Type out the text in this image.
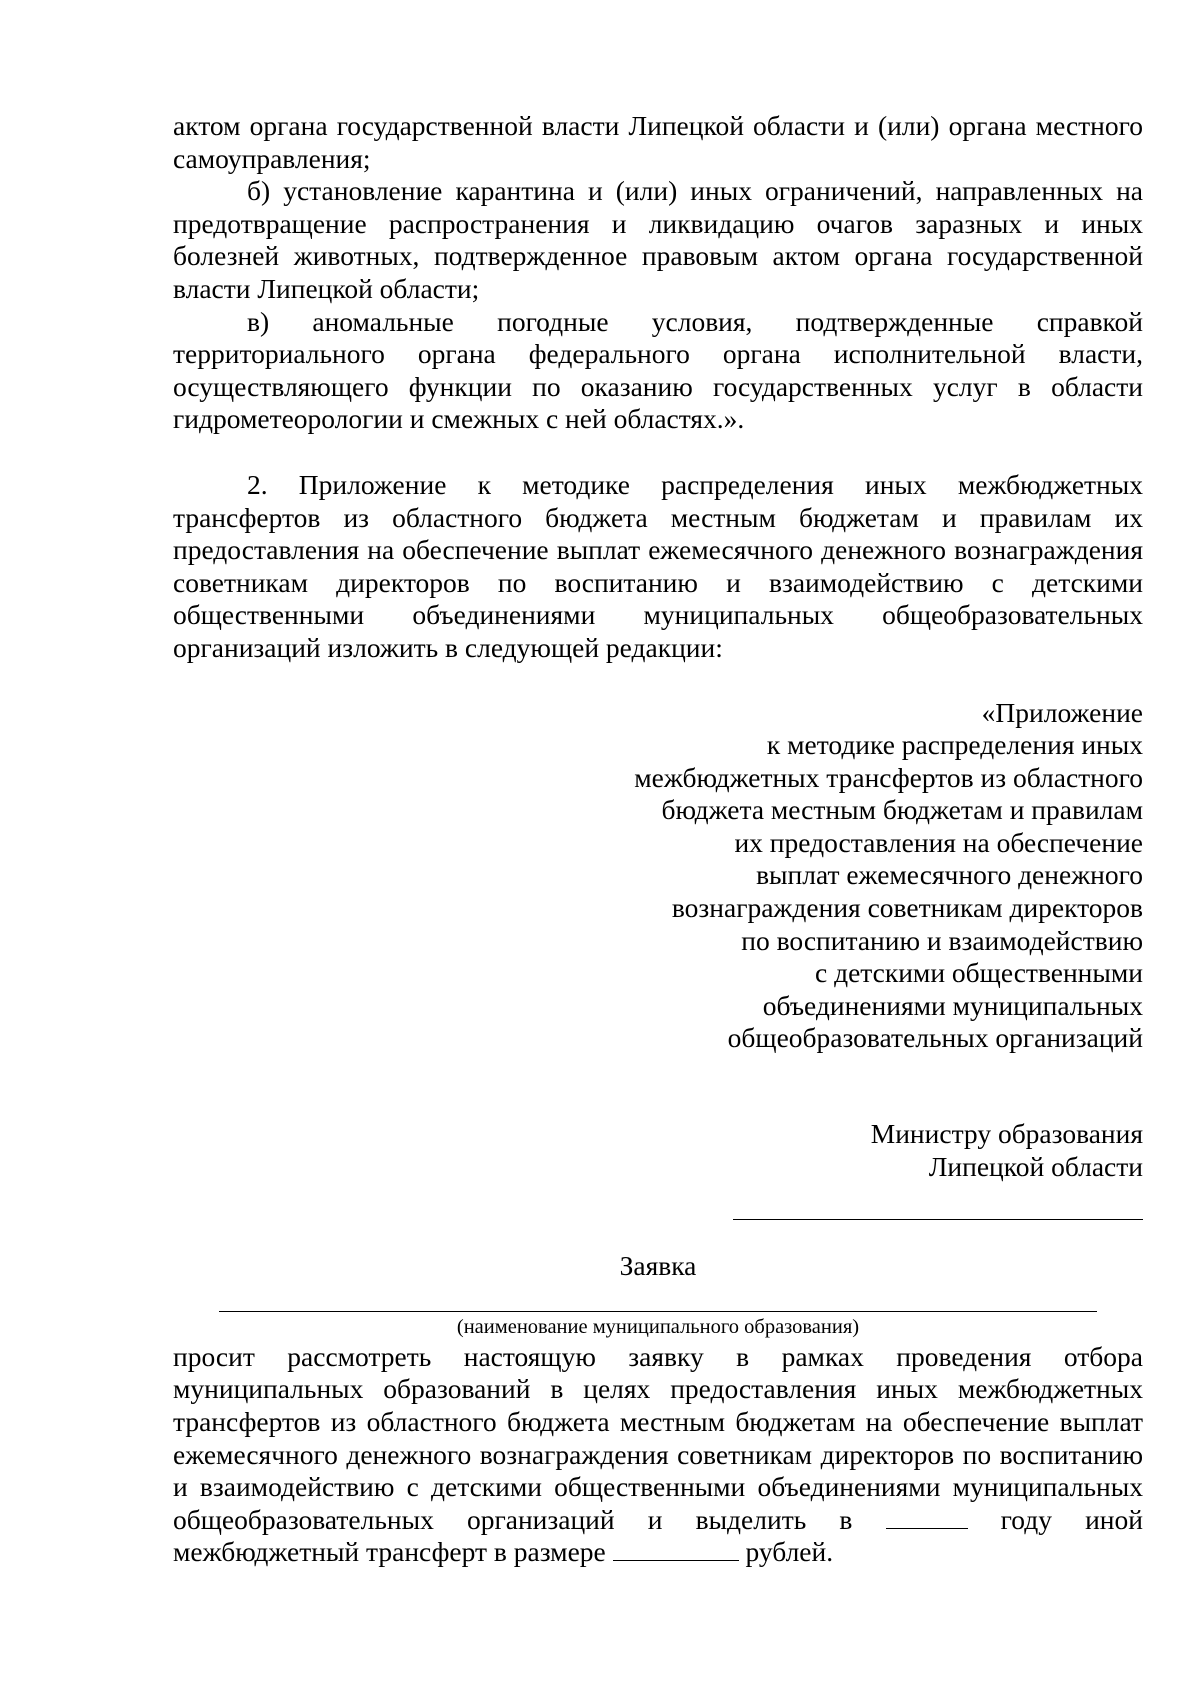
актом органа государственной власти Липецкой области и (или) органа местного самоуправления;

б) установление карантина и (или) иных ограничений, направленных на предотвращение распространения и ликвидацию очагов заразных и иных болезней животных, подтвержденное правовым актом органа государственной власти Липецкой области;

в) аномальные погодные условия, подтвержденные справкой территориального органа федерального органа исполнительной власти, осуществляющего функции по оказанию государственных услуг в области гидрометеорологии и смежных с ней областях.».

2. Приложение к методике распределения иных межбюджетных трансфертов из областного бюджета местным бюджетам и правилам их предоставления на обеспечение выплат ежемесячного денежного вознаграждения советникам директоров по воспитанию и взаимодействию с детскими общественными объединениями муниципальных общеобразовательных организаций изложить в следующей редакции:

«Приложение
к методике распределения иных
межбюджетных трансфертов из областного
бюджета местным бюджетам и правилам
их предоставления на обеспечение
выплат ежемесячного денежного
вознаграждения советникам директоров
по воспитанию и взаимодействию
с детскими общественными
объединениями муниципальных
общеобразовательных организаций
Министру образования
Липецкой области
Заявка
(наименование муниципального образования)

просит рассмотреть настоящую заявку в рамках проведения отбора муниципальных образований в целях предоставления иных межбюджетных трансфертов из областного бюджета местным бюджетам на обеспечение выплат ежемесячного денежного вознаграждения советникам директоров по воспитанию и взаимодействию с детскими общественными объединениями муниципальных общеобразовательных организаций и выделить в	году иной межбюджетный трансферт в размере	рублей.
